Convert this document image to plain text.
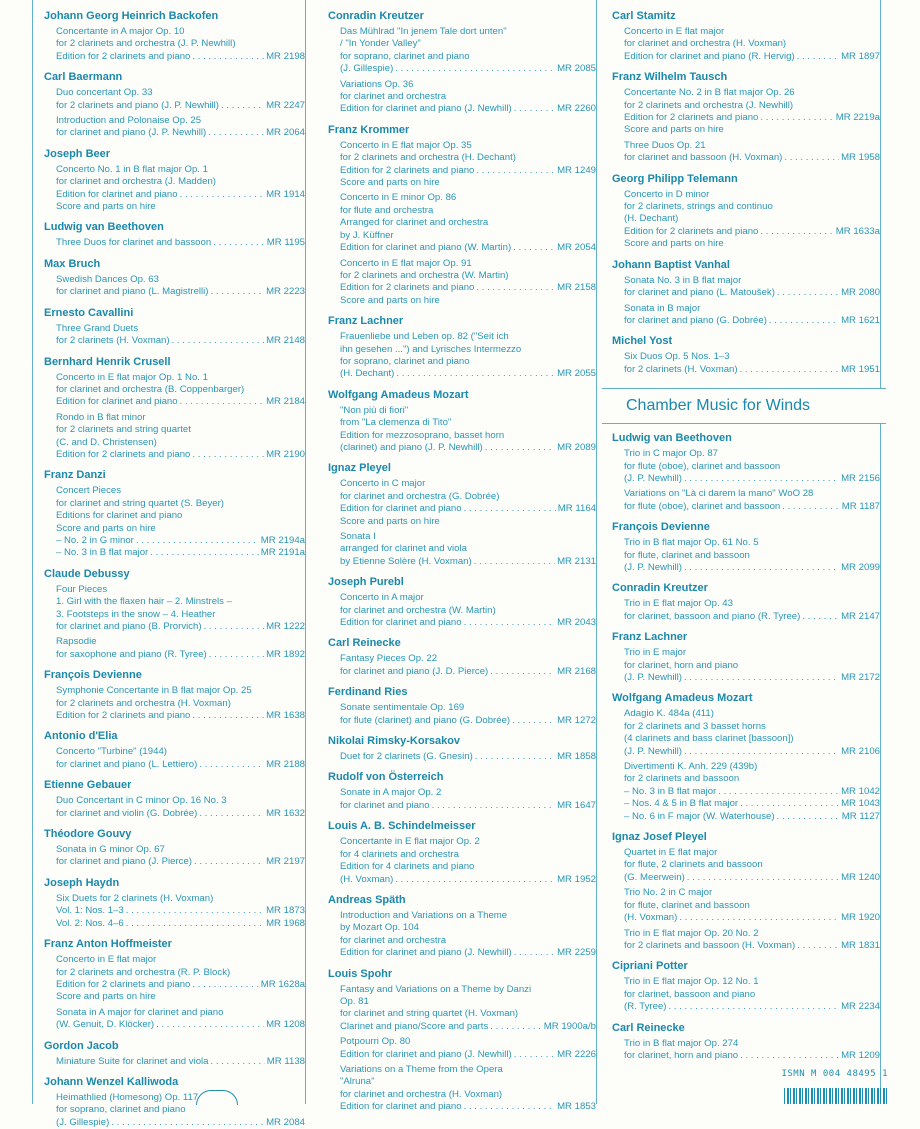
Johann Georg Heinrich Backofen
Concertante in A major Op. 10
for 2 clarinets and orchestra (J. P. Newhill)
Edition for 2 clarinets and piano . . .	MR 2198
Carl Baermann
Duo concertant Op. 33
for 2 clarinets and piano (J. P. Newhill) . . .	MR 2247
Introduction and Polonaise Op. 25
for clarinet and piano (J. P. Newhill) . . .	MR 2064
Joseph Beer
Concerto No. 1 in B flat major Op. 1
for clarinet and orchestra (J. Madden)
Edition for clarinet and piano . . .	MR 1914
Score and parts on hire
Ludwig van Beethoven
Three Duos for clarinet and bassoon . . .	MR 1195
Max Bruch
Swedish Dances Op. 63
for clarinet and piano (L. Magistrelli) . . .	MR 2223
Ernesto Cavallini
Three Grand Duets
for 2 clarinets (H. Voxman) . . .	MR 2148
Bernhard Henrik Crusell
Concerto in E flat major Op. 1 No. 1
for clarinet and orchestra (B. Coppenbarger)
Edition for clarinet and piano . . .	MR 2184
Rondo in B flat minor
for 2 clarinets and string quartet
(C. and D. Christensen)
Edition for 2 clarinets and piano . . .	MR 2190
Franz Danzi
Concert Pieces
for clarinet and string quartet (S. Beyer)
Editions for clarinet and piano
Score and parts on hire
– No. 2 in G minor . . .	MR 2194a
– No. 3 in B flat major . . .	MR 2191a
Claude Debussy
Four Pieces
1. Girl with the flaxen hair – 2. Minstrels –
3. Footsteps in the snow – 4. Heather
for clarinet and piano (B. Prorvich) . . .	MR 1222
Rapsodie
for saxophone and piano (R. Tyree) . . .	MR 1892
François Devienne
Symphonie Concertante in B flat major Op. 25
for 2 clarinets and orchestra (H. Voxman)
Edition for 2 clarinets and piano . . .	MR 1638
Antonio d'Elia
Concerto "Turbine" (1944)
for clarinet and piano (L. Lettiero) . . .	MR 2188
Etienne Gebauer
Duo Concertant in C minor Op. 16 No. 3
for clarinet and violin (G. Dobrée) . . .	MR 1632
Théodore Gouvy
Sonata in G minor Op. 67
for clarinet and piano (J. Pierce) . . .	MR 2197
Joseph Haydn
Six Duets for 2 clarinets (H. Voxman)
Vol. 1: Nos. 1–3 . . .	MR 1873
Vol. 2: Nos. 4–6 . . .	MR 1968
Franz Anton Hoffmeister
Concerto in E flat major
for 2 clarinets and orchestra (R. P. Block)
Edition for 2 clarinets and piano . . .	MR 1628a
Score and parts on hire
Sonata in A major for clarinet and piano
(W. Genuit, D. Klöcker) . . .	MR 1208
Gordon Jacob
Miniature Suite for clarinet and viola . . .	MR 1138
Johann Wenzel Kalliwoda
Heimathlied (Homesong) Op. 117
for soprano, clarinet and piano
(J. Gillespie) . . .	MR 2084
Conradin Kreutzer
Das Mühlrad "In jenem Tale dort unten"
/ "In Yonder Valley"
for soprano, clarinet and piano
(J. Gillespie) . . .	MR 2085
Variations Op. 36
for clarinet and orchestra
Edition for clarinet and piano (J. Newhill) . . .	MR 2260
Franz Krommer
Concerto in E flat major Op. 35
for 2 clarinets and orchestra (H. Dechant)
Edition for 2 clarinets and piano . . .	MR 1249
Score and parts on hire
Concerto in E minor Op. 86
for flute and orchestra
Arranged for clarinet and orchestra
by J. Küffner
Edition for clarinet and piano (W. Martin) . . .	MR 2054
Concerto in E flat major Op. 91
for 2 clarinets and orchestra (W. Martin)
Edition for 2 clarinets and piano . . .	MR 2158
Score and parts on hire
Franz Lachner
Frauenliebe und Leben op. 82 ("Seit ich
ihn gesehen ...") and Lyrisches Intermezzo
for soprano, clarinet and piano
(H. Dechant) . . .	MR 2055
Wolfgang Amadeus Mozart
"Non più di fiori"
from "La clemenza di Tito"
Edition for mezzosoprano, basset horn
(clarinet) and piano (J. P. Newhill) . . .	MR 2089
Ignaz Pleyel
Concerto in C major
for clarinet and orchestra (G. Dobrée)
Edition for clarinet and piano . . .	MR 1164
Score and parts on hire
Sonata I
arranged for clarinet and viola
by Etienne Solère (H. Voxman) . . .	MR 2131
Joseph Purebl
Concerto in A major
for clarinet and orchestra (W. Martin)
Edition for clarinet and piano . . .	MR 2043
Carl Reinecke
Fantasy Pieces Op. 22
for clarinet and piano (J. D. Pierce) . . .	MR 2168
Ferdinand Ries
Sonate sentimentale Op. 169
for flute (clarinet) and piano (G. Dobrée) . . .	MR 1272
Nikolai Rimsky-Korsakov
Duet for 2 clarinets (G. Gnesin) . . .	MR 1858
Rudolf von Österreich
Sonate in A major Op. 2
for clarinet and piano . . .	MR 1647
Louis A. B. Schindelmeisser
Concertante in E flat major Op. 2
for 4 clarinets and orchestra
Edition for 4 clarinets and piano
(H. Voxman) . . .	MR 1952
Andreas Späth
Introduction and Variations on a Theme
by Mozart Op. 104
for clarinet and orchestra
Edition for clarinet and piano (J. Newhill) . . .	MR 2259
Louis Spohr
Fantasy and Variations on a Theme by Danzi
Op. 81
for clarinet and string quartet (H. Voxman)
Clarinet and piano/Score and parts . . .	MR 1900a/b
Potpourri Op. 80
Edition for clarinet and piano (J. Newhill) . . .	MR 2226
Variations on a Theme from the Opera
"Alruna"
for clarinet and orchestra (H. Voxman)
Edition for clarinet and piano . . .	MR 1853
Carl Stamitz
Concerto in E flat major
for clarinet and orchestra (H. Voxman)
Edition for clarinet and piano (R. Hervig) . . .	MR 1897
Franz Wilhelm Tausch
Concertante No. 2 in B flat major Op. 26
for 2 clarinets and orchestra (J. Newhill)
Edition for 2 clarinets and piano . . .	MR 2219a
Score and parts on hire
Three Duos Op. 21
for clarinet and bassoon (H. Voxman) . . .	MR 1958
Georg Philipp Telemann
Concerto in D minor
for 2 clarinets, strings and continuo
(H. Dechant)
Edition for 2 clarinets and piano . . .	MR 1633a
Score and parts on hire
Johann Baptist Vanhal
Sonata No. 3 in B flat major
for clarinet and piano (L. Matoušek) . . .	MR 2080
Sonata in B major
for clarinet and piano (G. Dobrée) . . .	MR 1621
Michel Yost
Six Duos Op. 5 Nos. 1–3
for 2 clarinets (H. Voxman) . . .	MR 1951
Chamber Music for Winds
Ludwig van Beethoven
Trio in C major Op. 87
for flute (oboe), clarinet and bassoon
(J. P. Newhill) . . .	MR 2156
Variations on "Là ci darem la mano" WoO 28
for flute (oboe), clarinet and bassoon . . .	MR 1187
François Devienne
Trio in B flat major Op. 61 No. 5
for flute, clarinet and bassoon
(J. P. Newhill) . . .	MR 2099
Conradin Kreutzer
Trio in E flat major Op. 43
for clarinet, bassoon and piano (R. Tyree) . . .	MR 2147
Franz Lachner
Trio in E major
for clarinet, horn and piano
(J. P. Newhill) . . .	MR 2172
Wolfgang Amadeus Mozart
Adagio K. 484a (411)
for 2 clarinets and 3 basset horns
(4 clarinets and bass clarinet [bassoon])
(J. P. Newhill) . . .	MR 2106
Divertimenti K. Anh. 229 (439b)
for 2 clarinets and bassoon
– No. 3 in B flat major . . .	MR 1042
– Nos. 4 & 5 in B flat major . . .	MR 1043
– No. 6 in F major (W. Waterhouse) . . .	MR 1127
Ignaz Josef Pleyel
Quartet in E flat major
for flute, 2 clarinets and bassoon
(G. Meerwein) . . .	MR 1240
Trio No. 2 in C major
for flute, clarinet and bassoon
(H. Voxman) . . .	MR 1920
Trio in E flat major Op. 20 No. 2
for 2 clarinets and bassoon (H. Voxman) . . .	MR 1831
Cipriani Potter
Trio in E flat major Op. 12 No. 1
for clarinet, bassoon and piano
(R. Tyree) . . .	MR 2234
Carl Reinecke
Trio in B flat major Op. 274
for clarinet, horn and piano . . .	MR 1209
ISMN M 004 48495 1
